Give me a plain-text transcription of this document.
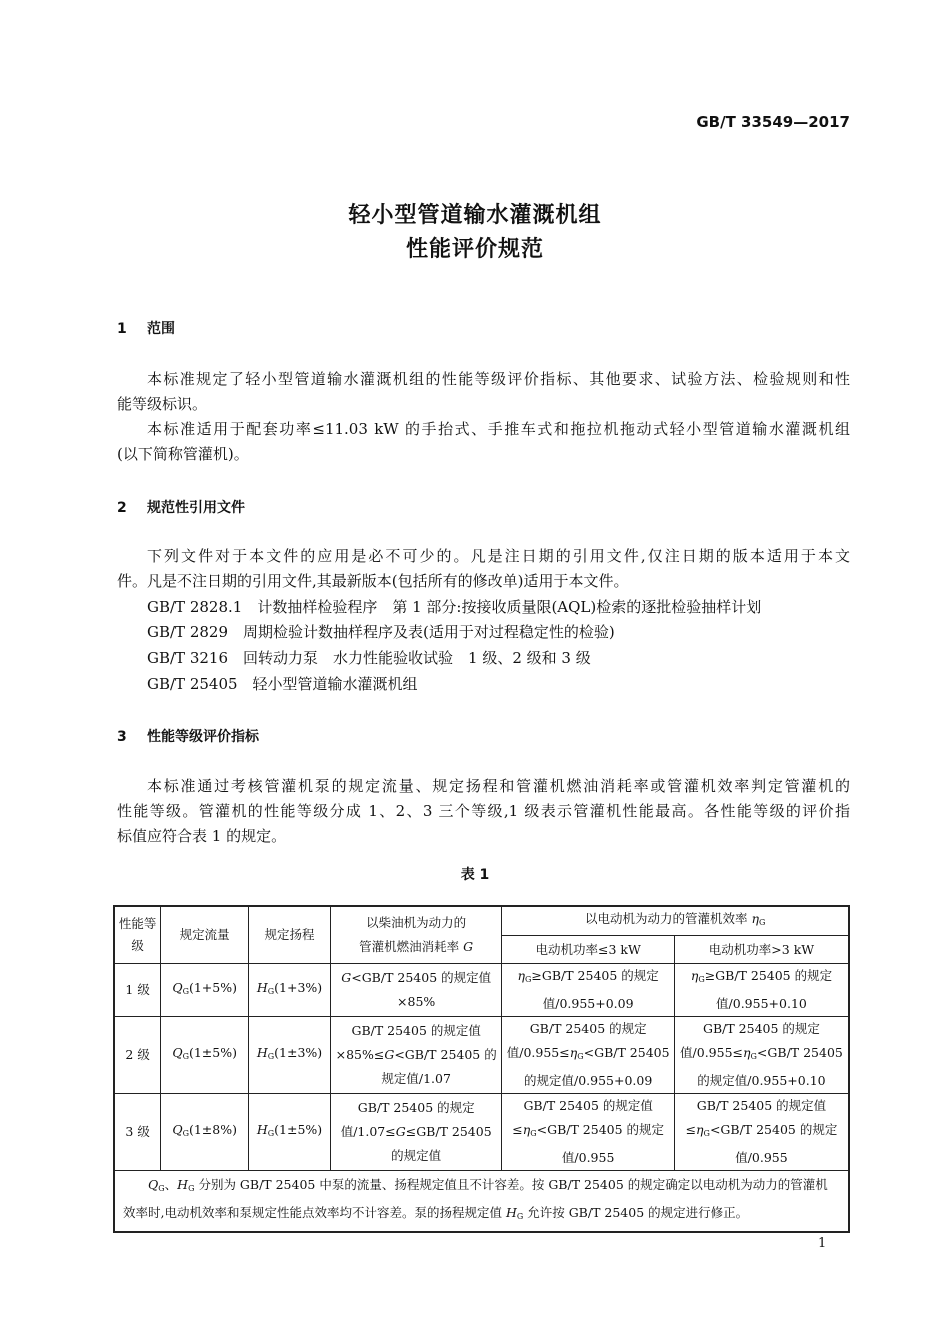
GB/T 33549—2017
轻小型管道输水灌溉机组
性能评价规范
1 范围
本标准规定了轻小型管道输水灌溉机组的性能等级评价指标、其他要求、试验方法、检验规则和性
能等级标识。
本标准适用于配套功率≤11.03 kW 的手抬式、手推车式和拖拉机拖动式轻小型管道输水灌溉机组
(以下简称管灌机)。
2 规范性引用文件
下列文件对于本文件的应用是必不可少的。凡是注日期的引用文件,仅注日期的版本适用于本文
件。凡是不注日期的引用文件,其最新版本(包括所有的修改单)适用于本文件。
GB/T 2828.1　计数抽样检验程序　第 1 部分:按接收质量限(AQL)检索的逐批检验抽样计划
GB/T 2829　周期检验计数抽样程序及表(适用于对过程稳定性的检验)
GB/T 3216　回转动力泵　水力性能验收试验　1 级、2 级和 3 级
GB/T 25405　轻小型管道输水灌溉机组
3 性能等级评价指标
本标准通过考核管灌机泵的规定流量、规定扬程和管灌机燃油消耗率或管灌机效率判定管灌机的
性能等级。管灌机的性能等级分成 1、2、3 三个等级,1 级表示管灌机性能最高。各性能等级的评价指
标值应符合表 1 的规定。
表 1
性能等级	规定流量	规定扬程	以柴油机为动力的
管灌机燃油消耗率 G	以电动机为动力的管灌机效率 $\eta_G$
				电动机功率≤3 kW	电动机功率>3 kW
1 级	$Q_G(1+5\%)$	$H_G(1+3\%)$	G<GB/T 25405 的规定值×85%	$\eta_G\ge GB/T$ 25405 的规定值/0.955+0.09	$\eta_G\ge GB/T$ 25405 的规定值/0.955+0.10
2 级	$Q_G(1\pm 5\%)$	$H_G(1\pm 3\%)$	GB/T 25405 的规定值×85%≤G<GB/T 25405 的规定值/1.07	GB/T 25405 的规定值$/0.955\le\eta_G<GB/T$ 25405 的规定值/0.955+0.09	GB/T 25405 的规定值$/0.955\le\eta_G<GB/T$ 25405 的规定值/0.955+0.10
3 级	$Q_G(1\pm 8\%)$	$H_G(1\pm 5\%)$	GB/T 25405 的规定值/1.07≤G≤GB/T 25405 的规定值	GB/T 25405 的规定值$\le\eta_G<GB/T$ 25405 的规定值/0.955	GB/T 25405 的规定值$\le\eta_G<GB/T$ 25405 的规定值/0.955
　　$Q_G$、$H_G$ 分别为 GB/T 25405 中泵的流量、扬程规定值且不计容差。按 GB/T 25405 的规定确定以电动机为动力的管灌机效率时,电动机效率和泵规定性能点效率均不计容差。泵的扬程规定值 $H_G$ 允许按 GB/T 25405 的规定进行修正。					
1
